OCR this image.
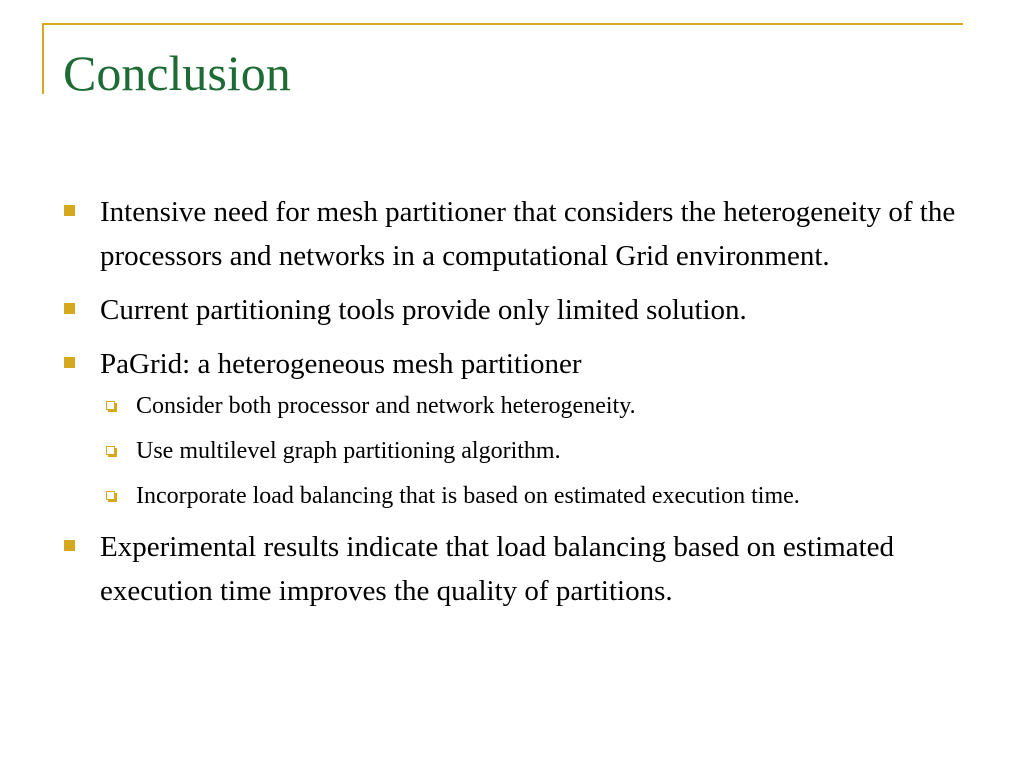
Conclusion
Intensive need for mesh partitioner that considers the heterogeneity of the processors and networks in a computational Grid environment.
Current partitioning tools provide only limited solution.
PaGrid: a heterogeneous mesh partitioner
Consider both processor and network heterogeneity.
Use multilevel graph partitioning algorithm.
Incorporate load balancing that is based on estimated execution time.
Experimental results indicate that load balancing based on estimated execution time improves the quality of partitions.
